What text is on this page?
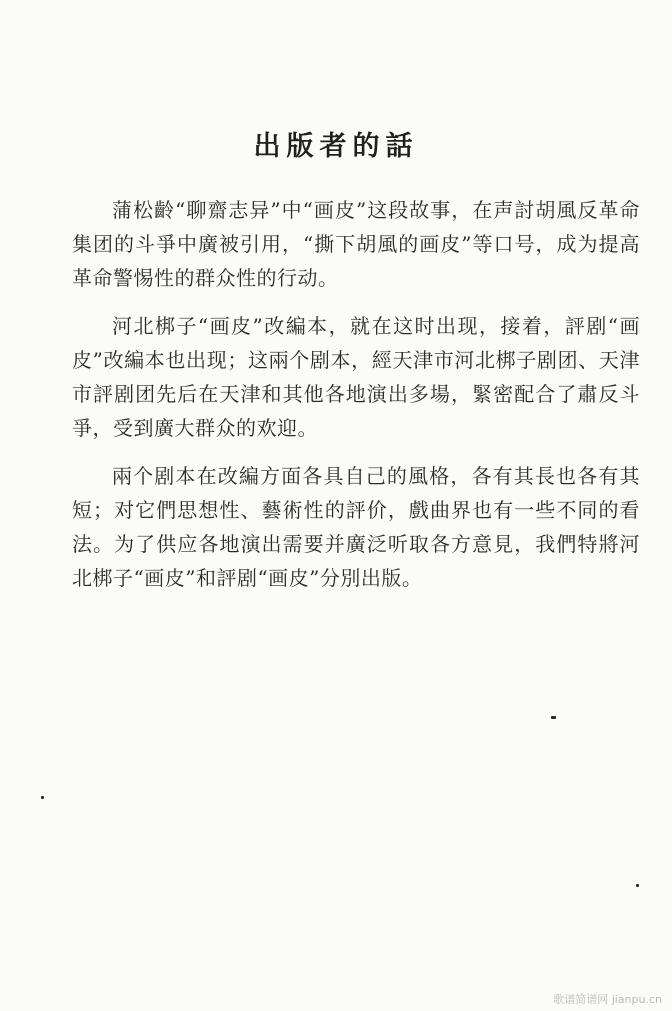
出版者的話

蒲松齡“聊齋志异”中“画皮”这段故事，在声討胡風反革命集团的斗爭中廣被引用，“撕下胡風的画皮”等口号，成为提高革命警惕性的群众性的行动。

河北梆子“画皮”改編本，就在这时出现，接着，評剧“画皮”改編本也出现；这兩个剧本，經天津市河北梆子剧团、天津市評剧团先后在天津和其他各地演出多場，緊密配合了肅反斗爭，受到廣大群众的欢迎。

兩个剧本在改編方面各具自己的風格，各有其長也各有其短；对它們思想性、藝術性的評价，戲曲界也有一些不同的看法。为了供应各地演出需要并廣泛听取各方意見，我們特將河北梆子“画皮”和評剧“画皮”分別出版。

歌谱简谱网 jianpu.cn
